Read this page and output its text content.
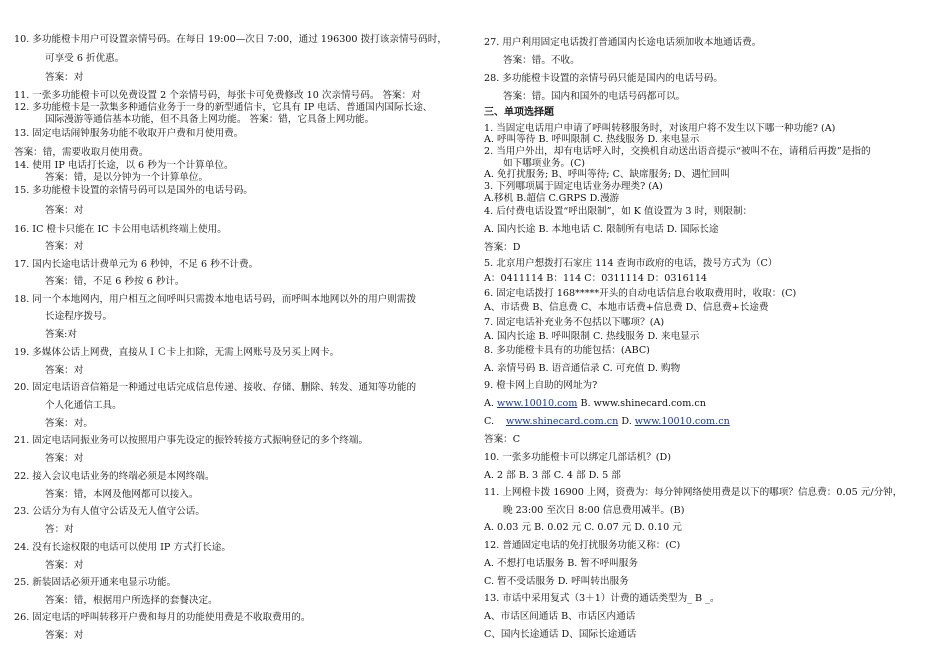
10. 多功能橙卡用户可设置亲情号码。在每日 19:00—次日 7:00，通过 196300 拨打该亲情号码时，
可享受 6 折优惠。
答案：对
11. 一张多功能橙卡可以免费设置 2 个亲情号码，每张卡可免费修改 10 次亲情号码。 答案：对
12. 多功能橙卡是一款集多种通信业务于一身的新型通信卡，它具有 IP 电话、普通国内国际长途、
国际漫游等通信基本功能，但不具备上网功能。 答案：错，它具备上网功能。
13. 固定电话闹钟服务功能不收取开户费和月使用费。
答案：错，需要收取月使用费。
14. 使用 IP 电话打长途，以 6 秒为一个计算单位。
答案：错，是以分钟为一个计算单位。
15. 多功能橙卡设置的亲情号码可以是国外的电话号码。
答案：对
16. IC 橙卡只能在 IC 卡公用电话机终端上使用。
答案：对
17. 国内长途电话计费单元为 6 秒钟，不足 6 秒不计费。
答案：错，不足 6 秒按 6 秒计。
18. 同一个本地网内，用户相互之间呼叫只需拨本地电话号码，而呼叫本地网以外的用户则需拨
长途程序拨号。
答案:对
19. 多媒体公话上网费，直接从ＩＣ卡上扣除，无需上网账号及另买上网卡。
答案：对
20. 固定电话语音信箱是一种通过电话完成信息传递、接收、存储、删除、转发、通知等功能的
个人化通信工具。
答案：对。
21. 固定电话同振业务可以按照用户事先设定的振铃转接方式振响登记的多个终端。
答案：对
22. 接入会议电话业务的终端必须是本网终端。
答案：错，本网及他网都可以接入。
23. 公话分为有人值守公话及无人值守公话。
答：对
24. 没有长途权限的电话可以使用 IP 方式打长途。
答案：对
25. 新装固话必须开通来电显示功能。
答案：错，根据用户所选择的套餐决定。
26. 固定电话的呼叫转移开户费和每月的功能使用费是不收取费用的。
答案：对
27. 用户利用固定电话拨打普通国内长途电话须加收本地通话费。
答案：错。不收。
28. 多功能橙卡设置的亲情号码只能是国内的电话号码。
答案：错。国内和国外的电话号码都可以。
三、单项选择题
1. 当固定电话用户申请了呼叫转移服务时，对该用户将不发生以下哪一种功能? (A)
A. 呼叫等待 B. 呼叫限制 C. 热线服务 D. 来电显示
2. 当用户外出，却有电话呼入时，交换机自动送出语音提示“被叫不在，请稍后再拨”是指的
如下哪项业务。(C)
A. 免打扰服务; B、呼叫等待; C、缺席服务; D、遇忙回叫
3. 下列哪项属于固定电话业务办理类? (A)
A.移机 B.超信 C.GRPS D.漫游
4. 后付费电话设置“呼出限制”，如 K 值设置为 3 时，则限制：
A. 国内长途 B. 本地电话 C. 限制所有电话 D. 国际长途
答案：D
5. 北京用户想拨打石家庄 114 查询市政府的电话，拨号方式为（C）
A：0411114 B：114 C：0311114 D：0316114
6. 固定电话拨打 168*****开头的自动电话信息台收取费用时，收取：(C)
A、市话费 B、信息费 C、本地市话费+信息费 D、信息费+长途费
7. 固定电话补充业务不包括以下哪项？(A)
A. 国内长途 B. 呼叫限制 C. 热线服务 D. 来电显示
8. 多功能橙卡具有的功能包括：(ABC)
A. 亲情号码 B. 语音通信录 C. 可充值 D. 购物
9. 橙卡网上自助的网址为?
C.
答案：C
10. 一张多功能橙卡可以绑定几部话机？(D)
A. 2 部 B. 3 部 C. 4 部 D. 5 部
11. 上网橙卡拨 16900 上网，资费为：每分钟网络使用费是以下的哪项？信息费：0.05 元/分钟，
晚 23:00 至次日 8:00 信息费用减半。(B)
A. 0.03 元 B. 0.02 元 C. 0.07 元 D. 0.10 元
12. 普通固定电话的免打扰服务功能又称：(C)
A. 不想打电话服务 B. 暂不呼叫服务
C. 暂不受话服务 D. 呼叫转出服务
13. 市话中采用复式（3＋1）计费的通话类型为_ B _。
A、市话区间通话 B、市话区内通话
C、国内长途通话 D、国际长途通话
A. www.10010.com B. www.shinecard.com.cn
www.shinecard.com.cn D. www.10010.com.cn
